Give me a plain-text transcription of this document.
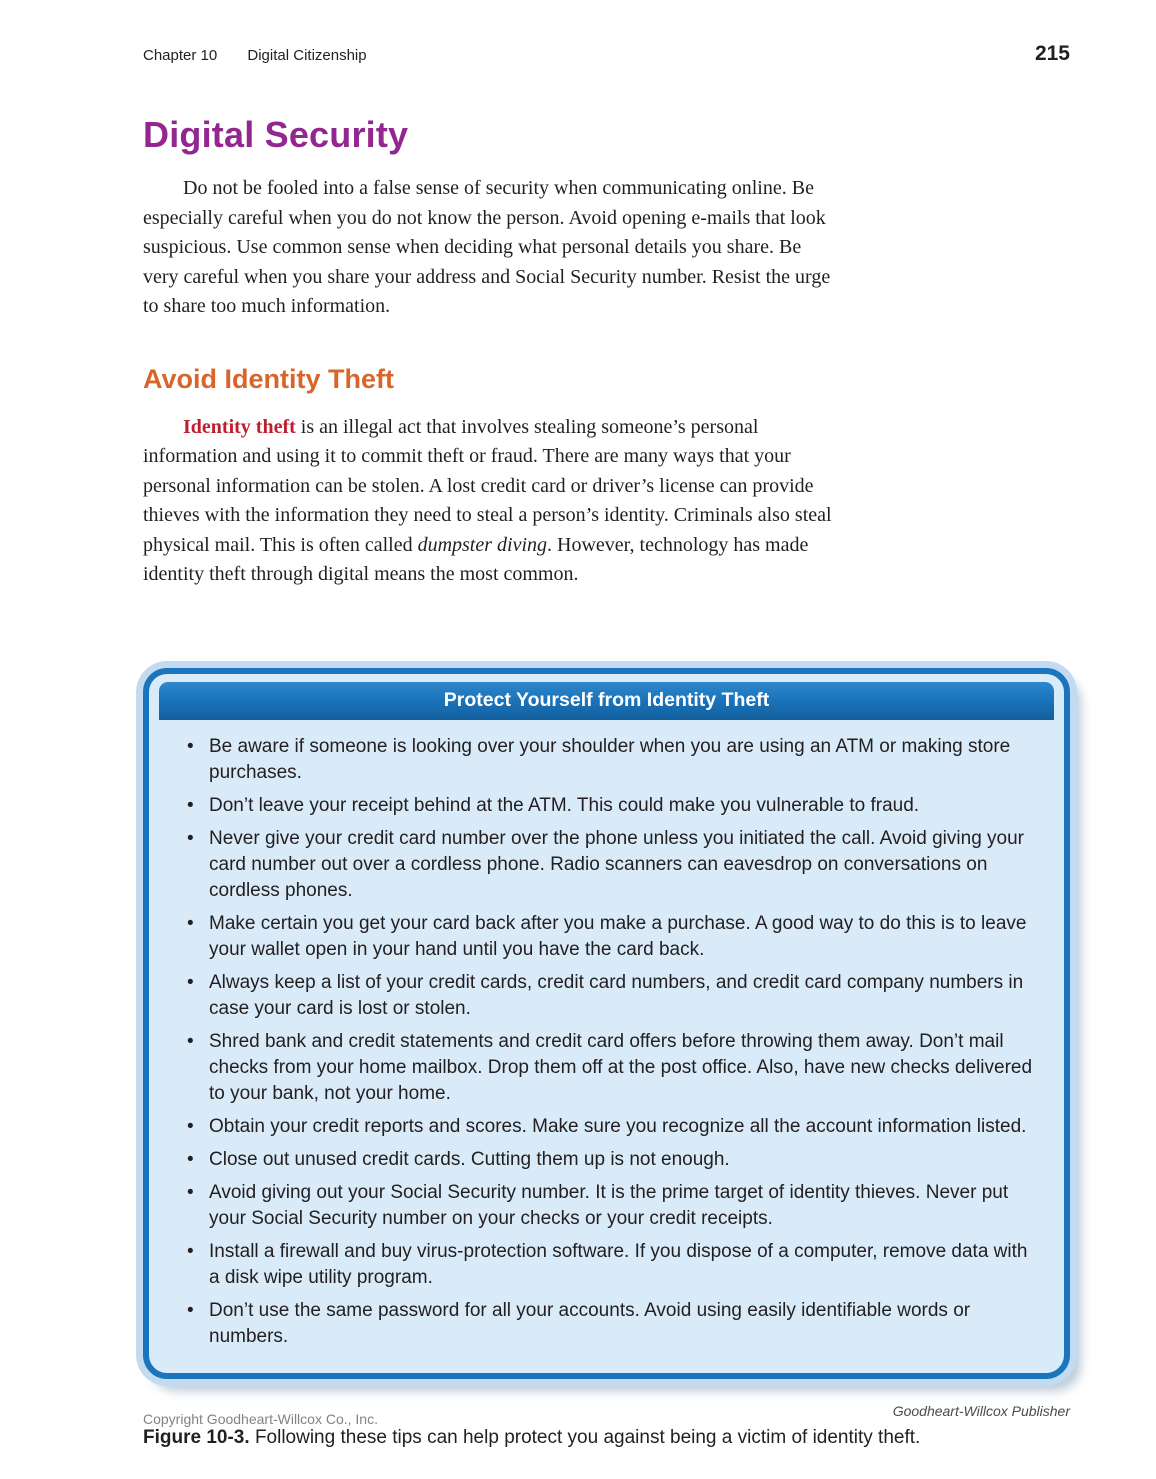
Chapter 10 Digital Citizenship	215
Digital Security

Do not be fooled into a false sense of security when communicating online. Be especially careful when you do not know the person. Avoid opening e-mails that look suspicious. Use common sense when deciding what personal details you share. Be very careful when you share your address and Social Security number. Resist the urge to share too much information.

Avoid Identity Theft

Identity theft is an illegal act that involves stealing someone’s personal information and using it to commit theft or fraud. There are many ways that your personal information can be stolen. A lost credit card or driver’s license can provide thieves with the information they need to steal a person’s identity. Criminals also steal physical mail. This is often called dumpster diving. However, technology has made identity theft through digital means the most common.

Protect Yourself from Identity Theft
• Be aware if someone is looking over your shoulder when you are using an ATM or making store purchases.
• Don’t leave your receipt behind at the ATM. This could make you vulnerable to fraud.
• Never give your credit card number over the phone unless you initiated the call. Avoid giving your card number out over a cordless phone. Radio scanners can eavesdrop on conversations on cordless phones.
• Make certain you get your card back after you make a purchase. A good way to do this is to leave your wallet open in your hand until you have the card back.
• Always keep a list of your credit cards, credit card numbers, and credit card company numbers in case your card is lost or stolen.
• Shred bank and credit statements and credit card offers before throwing them away. Don’t mail checks from your home mailbox. Drop them off at the post office. Also, have new checks delivered to your bank, not your home.
• Obtain your credit reports and scores. Make sure you recognize all the account information listed.
• Close out unused credit cards. Cutting them up is not enough.
• Avoid giving out your Social Security number. It is the prime target of identity thieves. Never put your Social Security number on your checks or your credit receipts.
• Install a firewall and buy virus-protection software. If you dispose of a computer, remove data with a disk wipe utility program.
• Don’t use the same password for all your accounts. Avoid using easily identifiable words or numbers.
Goodheart-Willcox Publisher

Figure 10-3. Following these tips can help protect you against being a victim of identity theft.

Copyright Goodheart-Willcox Co., Inc.
